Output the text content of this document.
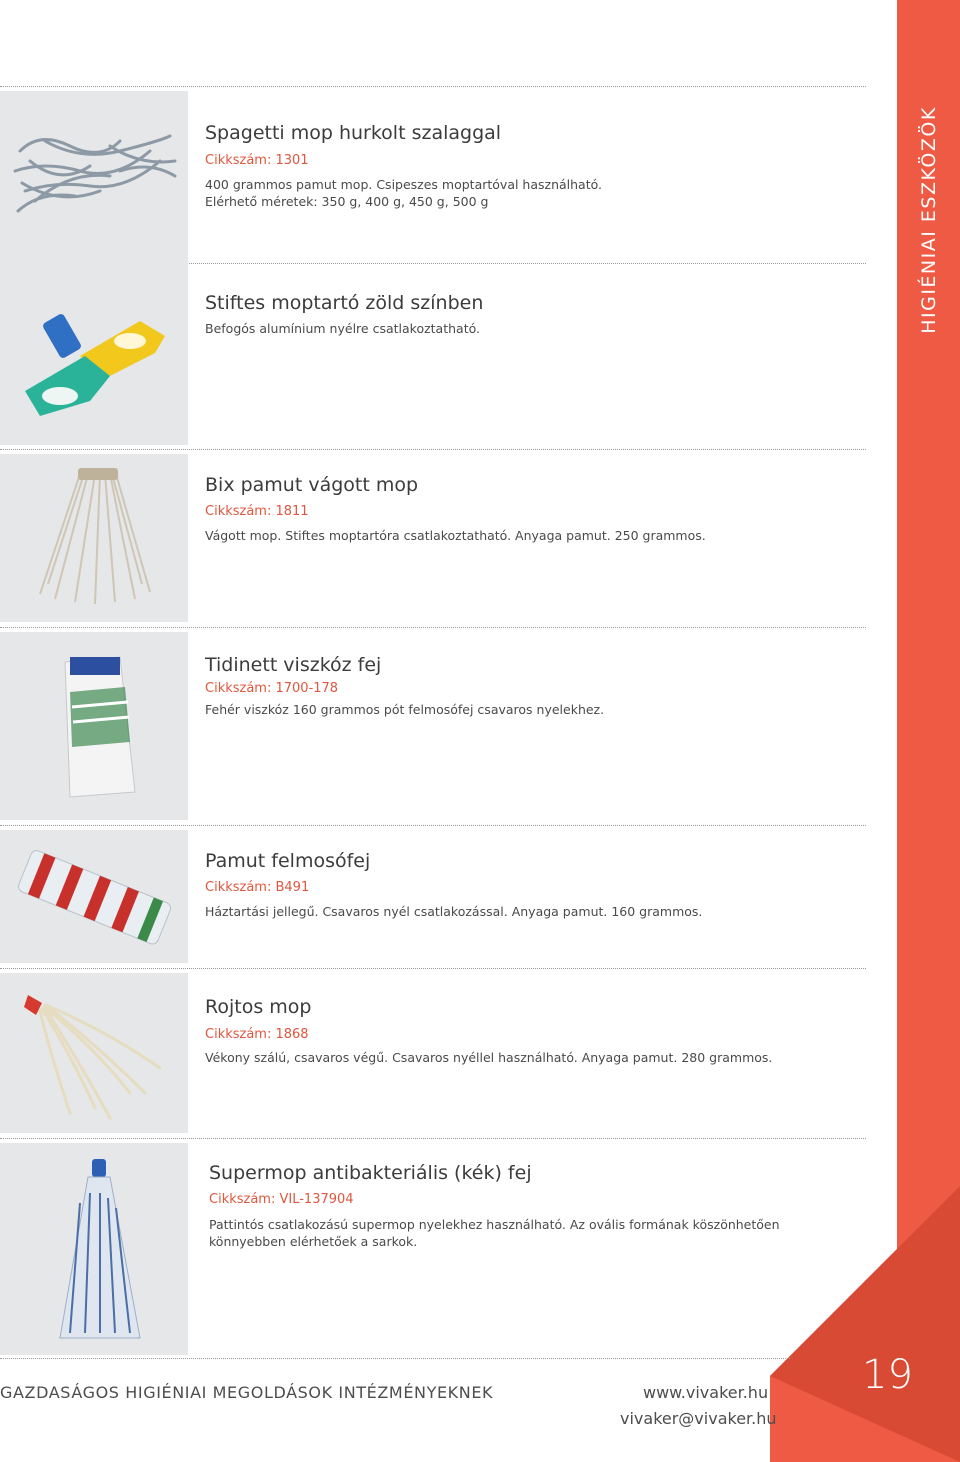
HIGIÉNIAI ESZKÖZÖK
19
Spagetti mop hurkolt szalaggal
Cikkszám: 1301
400 grammos pamut mop. Csipeszes moptartóval használható.
Elérhető méretek: 350 g, 400 g, 450 g, 500 g
Stiftes moptartó zöld színben
Befogós alumínium nyélre csatlakoztatható.
Bix pamut vágott mop
Cikkszám: 1811
Vágott mop. Stiftes moptartóra csatlakoztatható. Anyaga pamut. 250 grammos.
Tidinett viszkóz fej
Cikkszám: 1700-178
Fehér viszkóz 160 grammos pót felmosófej csavaros nyelekhez.
Pamut felmosófej
Cikkszám: B491
Háztartási jellegű. Csavaros nyél csatlakozással. Anyaga pamut. 160 grammos.
Rojtos mop
Cikkszám: 1868
Vékony szálú, csavaros végű. Csavaros nyéllel használható. Anyaga pamut. 280 grammos.
Supermop antibakteriális (kék) fej
Cikkszám: VIL-137904
Pattintós csatlakozású supermop nyelekhez használható. Az ovális formának köszönhetően
könnyebben elérhetőek a sarkok.
GAZDASÁGOS HIGIÉNIAI MEGOLDÁSOK INTÉZMÉNYEKNEK	www.vivaker.hu
vivaker@vivaker.hu
